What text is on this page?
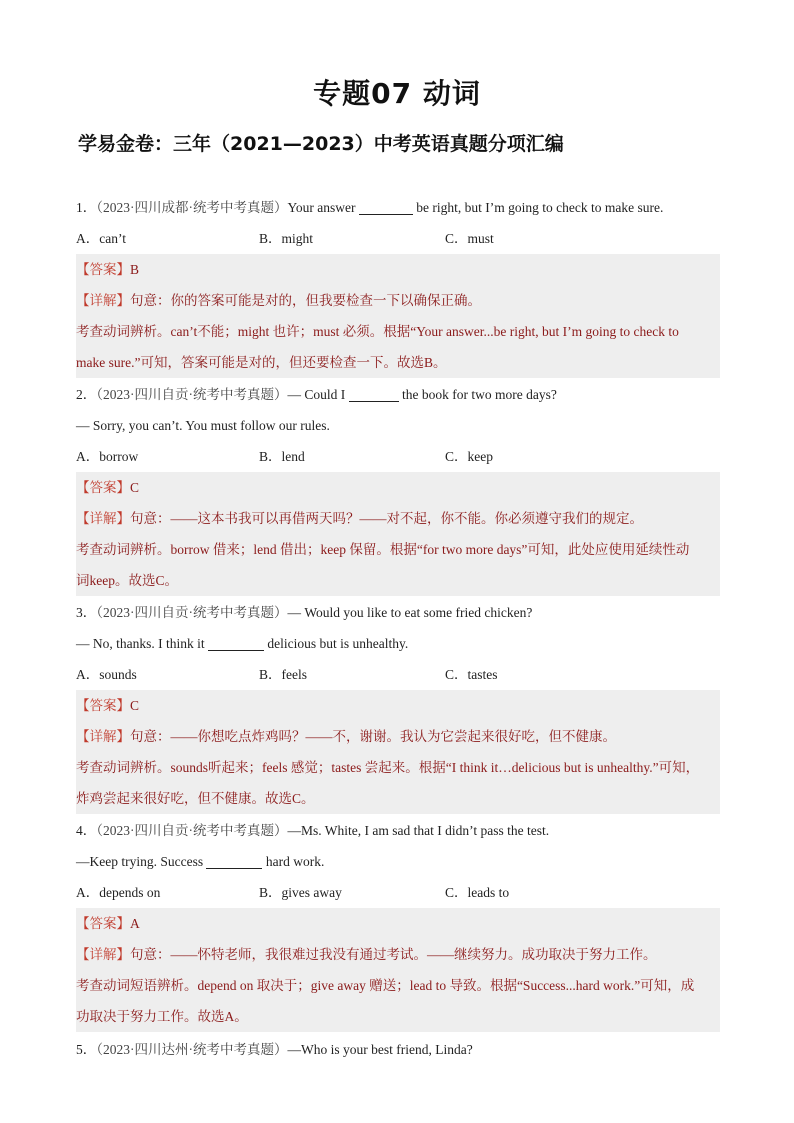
专题07 动词
学易金卷：三年（2021—2023）中考英语真题分项汇编
1．（2023·四川成都·统考中考真题）Your answer	be right, but I’m going to check to make sure.
A．can’t	B．might	C．must
【答案】B
【详解】句意：你的答案可能是对的，但我要检查一下以确保正确。
考查动词辨析。can’t不能；might 也许；must 必须。根据“Your answer...be right, but I’m going to check to
make sure.”可知，答案可能是对的，但还要检查一下。故选B。
2．（2023·四川自贡·统考中考真题）— Could I	the book for two more days?
— Sorry, you can’t. You must follow our rules.
A．borrow	B．lend	C．keep
【答案】C
【详解】句意：——这本书我可以再借两天吗？——对不起，你不能。你必须遵守我们的规定。
考查动词辨析。borrow 借来；lend 借出；keep 保留。根据“for two more days”可知，此处应使用延续性动
词keep。故选C。
3．（2023·四川自贡·统考中考真题）— Would you like to eat some fried chicken?
— No, thanks. I think it	delicious but is unhealthy.
A．sounds	B．feels	C．tastes
【答案】C
【详解】句意：——你想吃点炸鸡吗？——不，谢谢。我认为它尝起来很好吃，但不健康。
考查动词辨析。sounds听起来；feels 感觉；tastes 尝起来。根据“I think it…delicious but is unhealthy.”可知，
炸鸡尝起来很好吃，但不健康。故选C。
4．（2023·四川自贡·统考中考真题）—Ms. White, I am sad that I didn’t pass the test.
—Keep trying. Success	hard work.
A．depends on	B．gives away	C．leads to
【答案】A
【详解】句意：——怀特老师，我很难过我没有通过考试。——继续努力。成功取决于努力工作。
考查动词短语辨析。depend on 取决于；give away 赠送；lead to 导致。根据“Success...hard work.”可知，成
功取决于努力工作。故选A。
5．（2023·四川达州·统考中考真题）—Who is your best friend, Linda?
